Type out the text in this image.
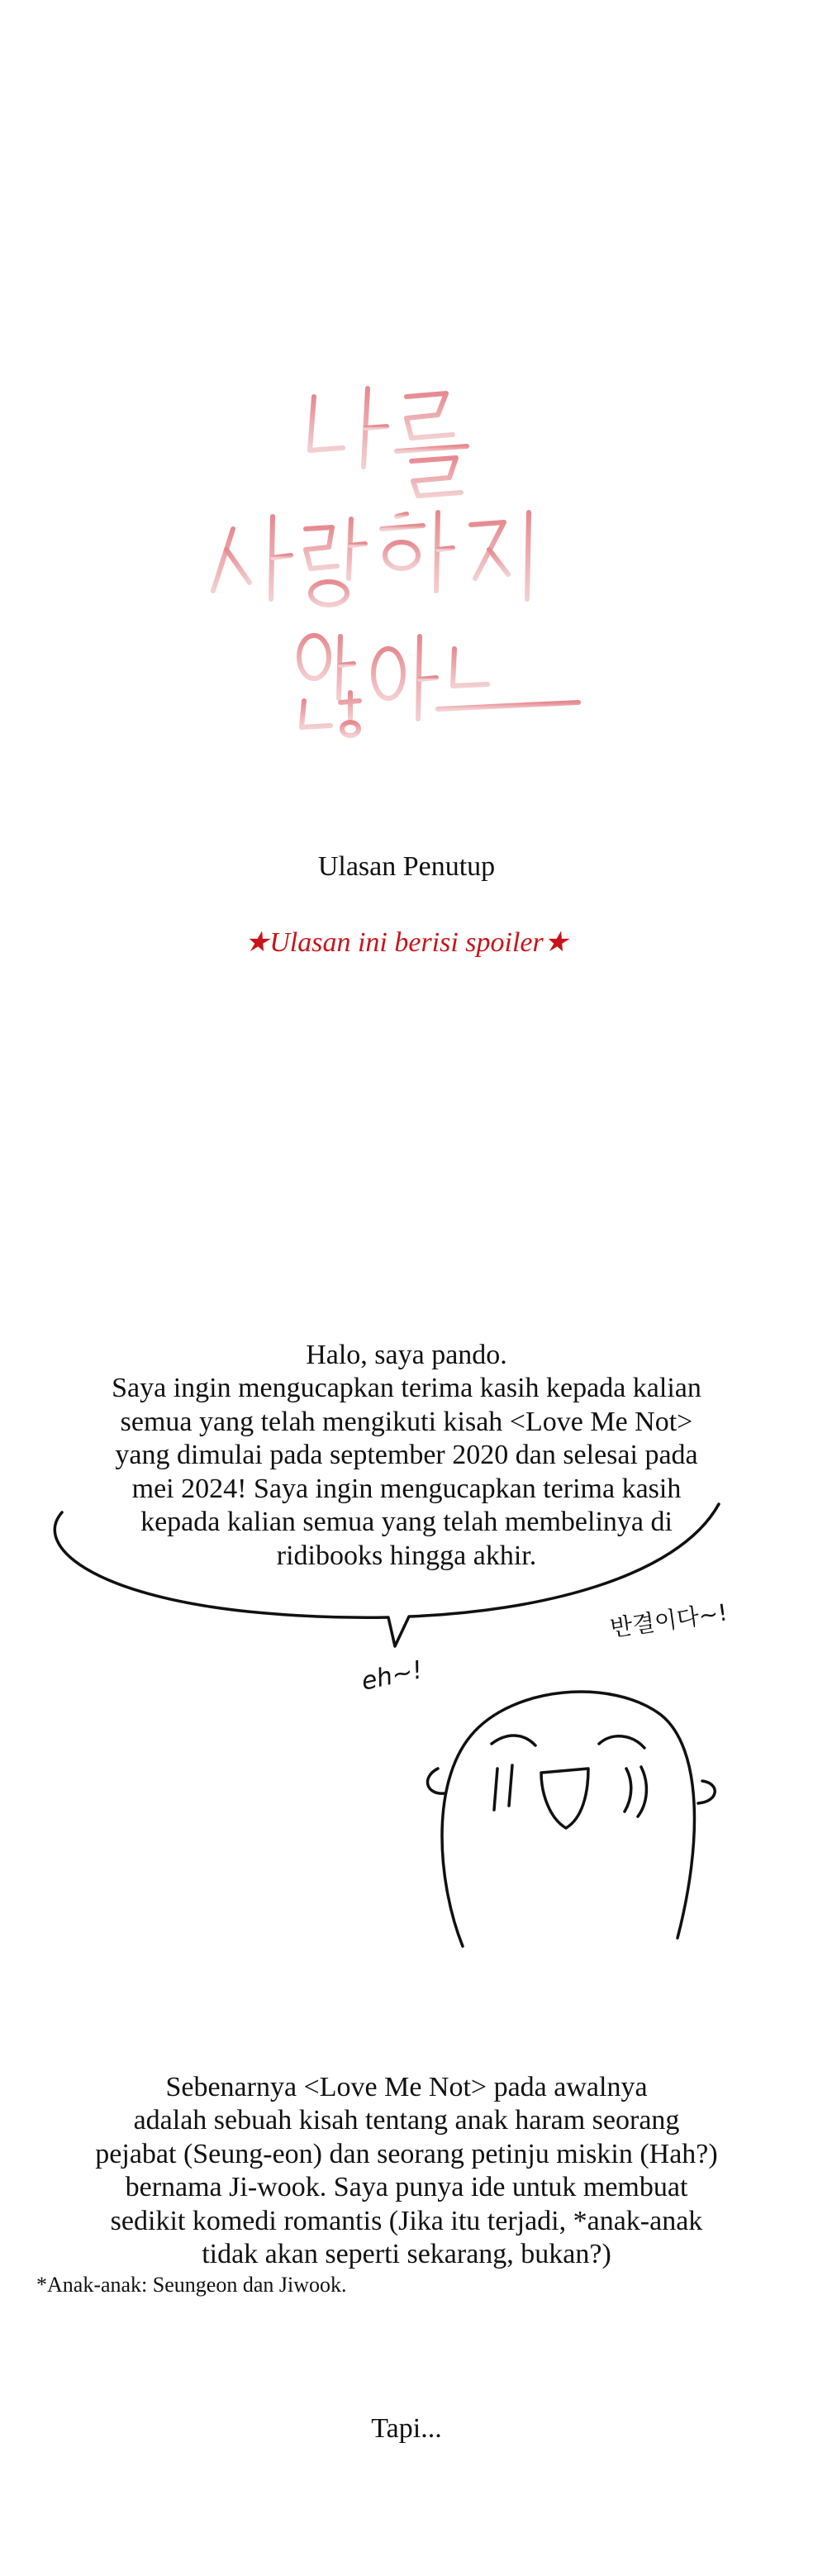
Ulasan Penutup
★Ulasan ini berisi spoiler★
Halo, saya pando.
Saya ingin mengucapkan terima kasih kepada kalian
semua yang telah mengikuti kisah <Love Me Not>
yang dimulai pada september 2020 dan selesai pada
mei 2024! Saya ingin mengucapkan terima kasih
kepada kalian semua yang telah membelinya di
ridibooks hingga akhir.
eh~!
반결이다~!
Sebenarnya <Love Me Not> pada awalnya
adalah sebuah kisah tentang anak haram seorang
pejabat (Seung-eon) dan seorang petinju miskin (Hah?)
bernama Ji-wook. Saya punya ide untuk membuat
sedikit komedi romantis (Jika itu terjadi, *anak-anak
tidak akan seperti sekarang, bukan?)
*Anak-anak: Seungeon dan Jiwook.
Tapi...
